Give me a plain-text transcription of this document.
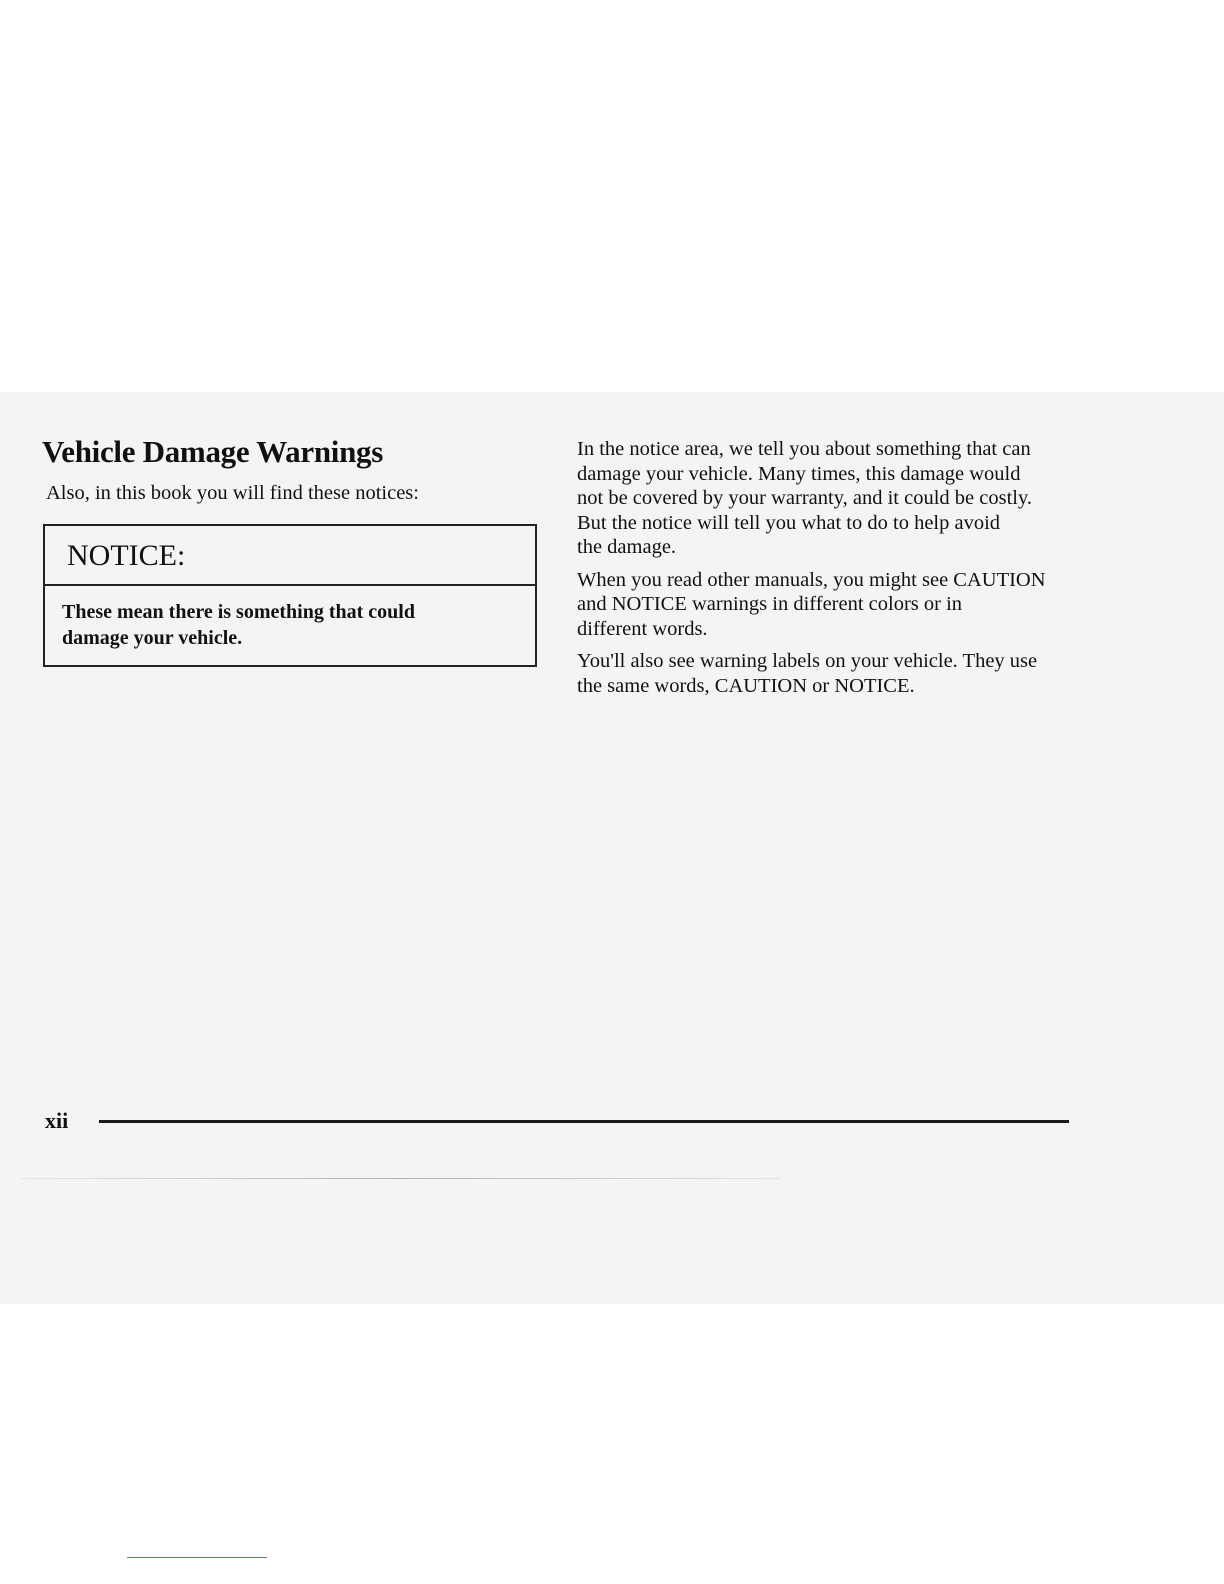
Vehicle Damage Warnings

Also, in this book you will find these notices:

NOTICE:
These mean there is something that could
damage your vehicle.

In the notice area, we tell you about something that can
damage your vehicle. Many times, this damage would
not be covered by your warranty, and it could be costly.
But the notice will tell you what to do to help avoid
the damage.

When you read other manuals, you might see CAUTION
and NOTICE warnings in different colors or in
different words.

You'll also see warning labels on your vehicle. They use
the same words, CAUTION or NOTICE.

xii
